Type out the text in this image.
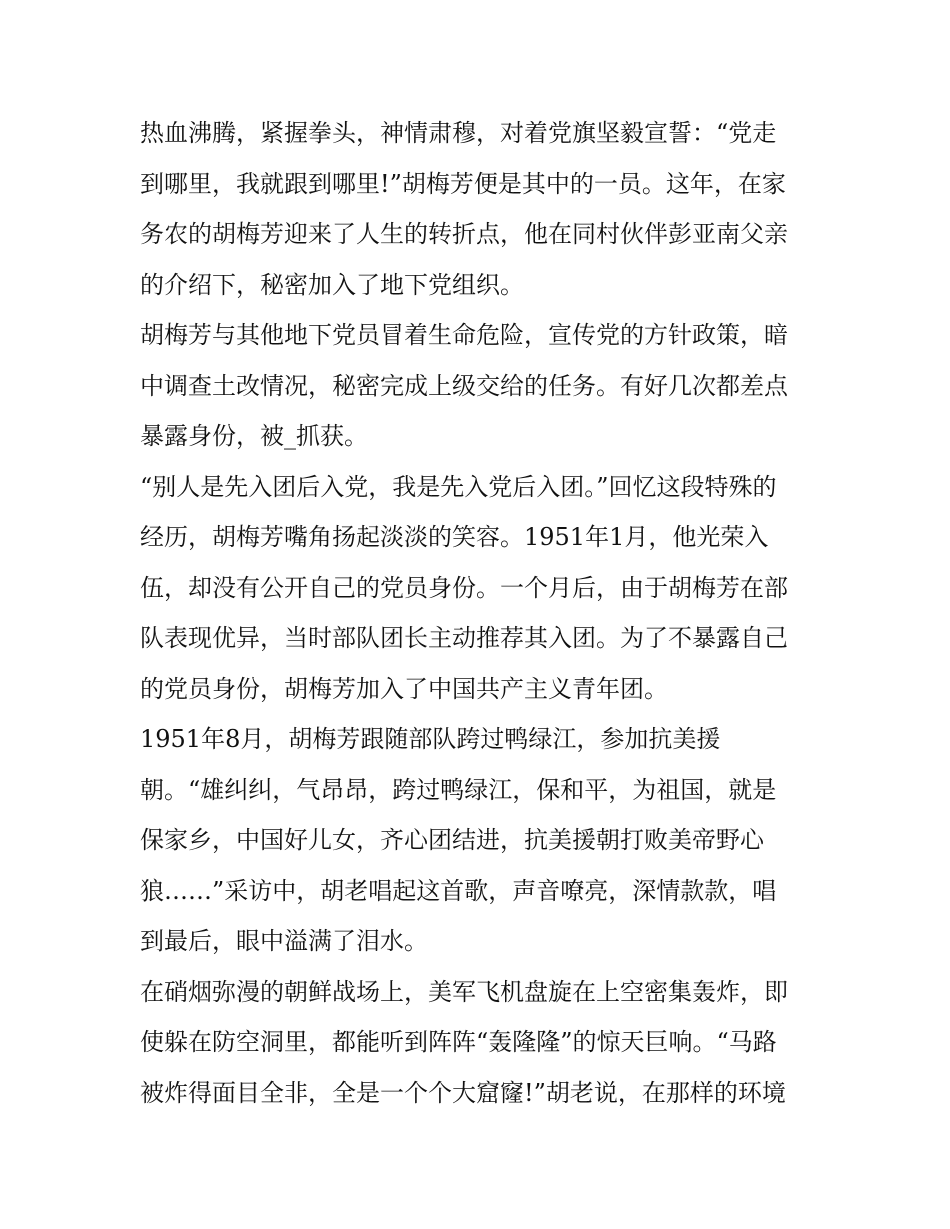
热血沸腾，紧握拳头，神情肃穆，对着党旗坚毅宣誓：“党走
到哪里，我就跟到哪里!”胡梅芳便是其中的一员。这年，在家
务农的胡梅芳迎来了人生的转折点，他在同村伙伴彭亚南父亲
的介绍下，秘密加入了地下党组织。
胡梅芳与其他地下党员冒着生命危险，宣传党的方针政策，暗
中调查土改情况，秘密完成上级交给的任务。有好几次都差点
暴露身份，被_抓获。
“别人是先入团后入党，我是先入党后入团。”回忆这段特殊的
经历，胡梅芳嘴角扬起淡淡的笑容。1951年1月，他光荣入
伍，却没有公开自己的党员身份。一个月后，由于胡梅芳在部
队表现优异，当时部队团长主动推荐其入团。为了不暴露自己
的党员身份，胡梅芳加入了中国共产主义青年团。
1951年8月，胡梅芳跟随部队跨过鸭绿江，参加抗美援
朝。“雄纠纠，气昂昂，跨过鸭绿江，保和平，为祖国，就是
保家乡，中国好儿女，齐心团结进，抗美援朝打败美帝野心
狼……”采访中，胡老唱起这首歌，声音嘹亮，深情款款，唱
到最后，眼中溢满了泪水。
在硝烟弥漫的朝鲜战场上，美军飞机盘旋在上空密集轰炸，即
使躲在防空洞里，都能听到阵阵“轰隆隆”的惊天巨响。“马路
被炸得面目全非，全是一个个大窟窿!”胡老说，在那样的环境
